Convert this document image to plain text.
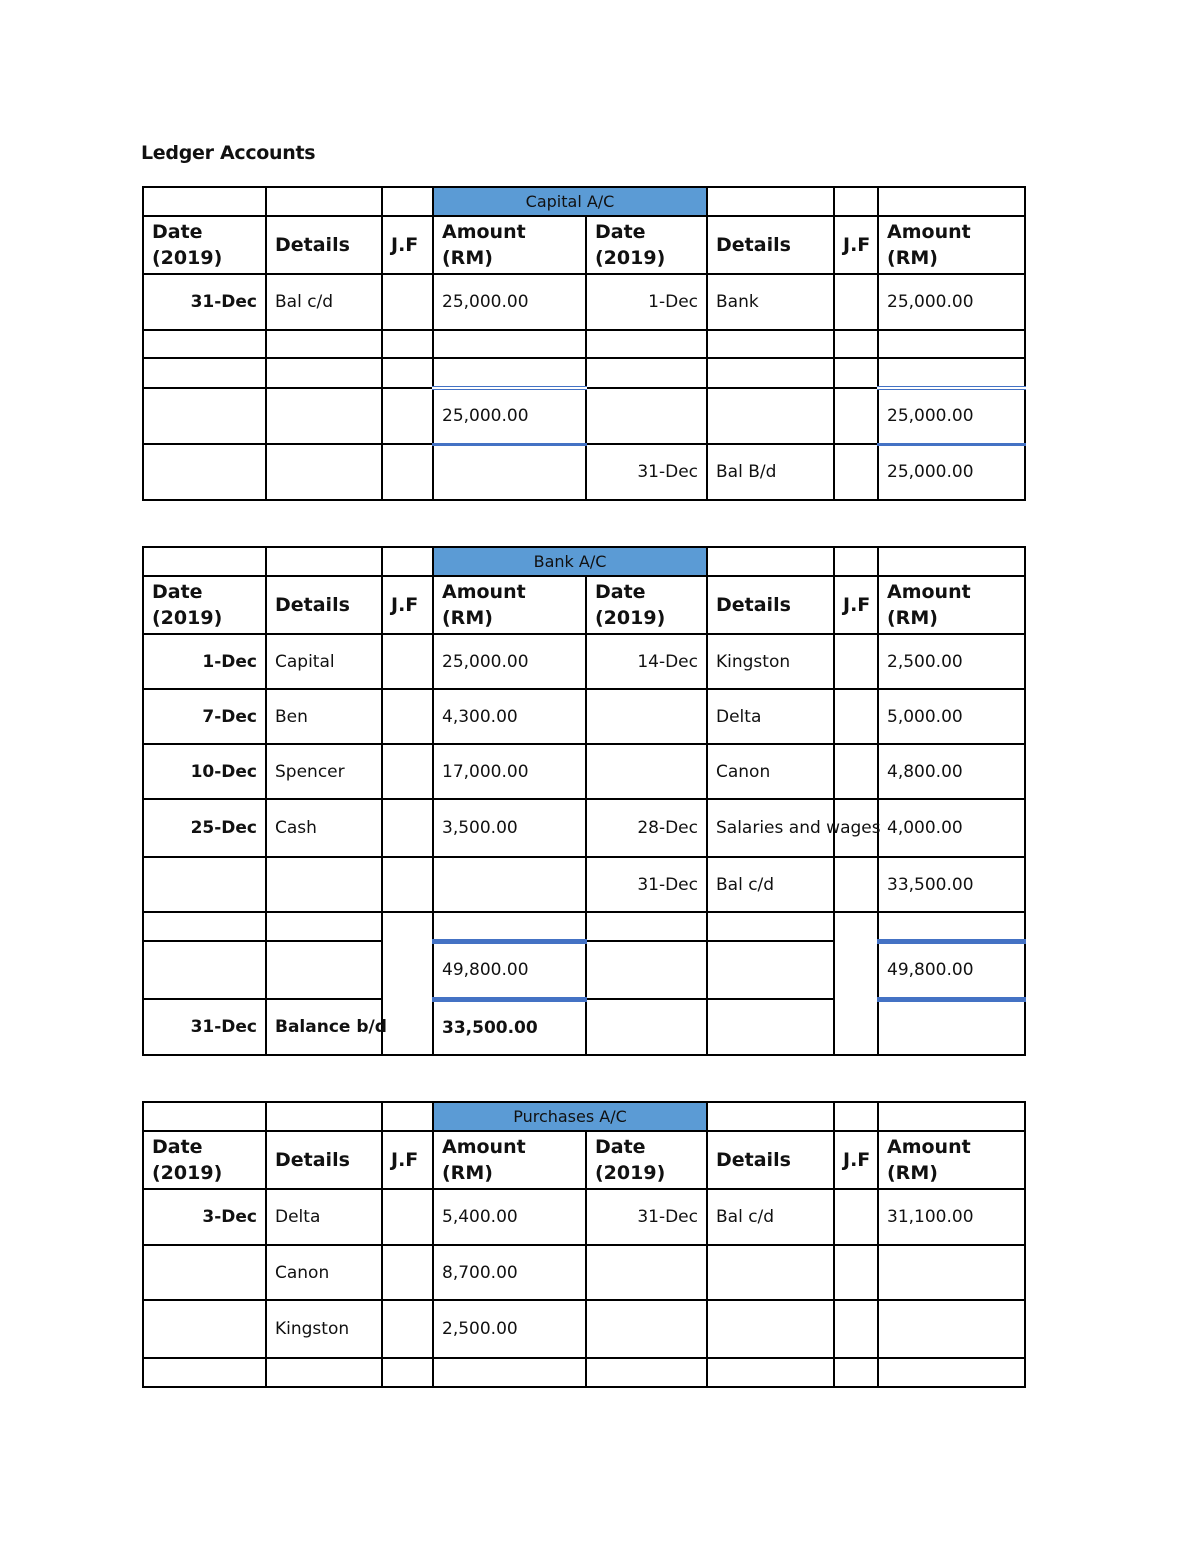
Ledger Accounts
			Capital A/C				
Date (2019)	Details	J.F	Amount (RM)	Date (2019)	Details	J.F	Amount (RM)
31-Dec	Bal c/d		25,000.00	1-Dec	Bank		25,000.00

			25,000.00				25,000.00
				31-Dec	Bal B/d		25,000.00
			Bank A/C				
Date (2019)	Details	J.F	Amount (RM)	Date (2019)	Details	J.F	Amount (RM)
1-Dec	Capital		25,000.00	14-Dec	Kingston		2,500.00
7-Dec	Ben		4,300.00		Delta		5,000.00
10-Dec	Spencer		17,000.00		Canon		4,800.00
25-Dec	Cash		3,500.00	28-Dec	Salaries and wages		4,000.00
				31-Dec	Bal c/d		33,500.00

			49,800.00				49,800.00
31-Dec	Balance b/d		33,500.00				
			Purchases A/C				
Date (2019)	Details	J.F	Amount (RM)	Date (2019)	Details	J.F	Amount (RM)
3-Dec	Delta		5,400.00	31-Dec	Bal c/d		31,100.00
	Canon		8,700.00				
	Kingston		2,500.00				
